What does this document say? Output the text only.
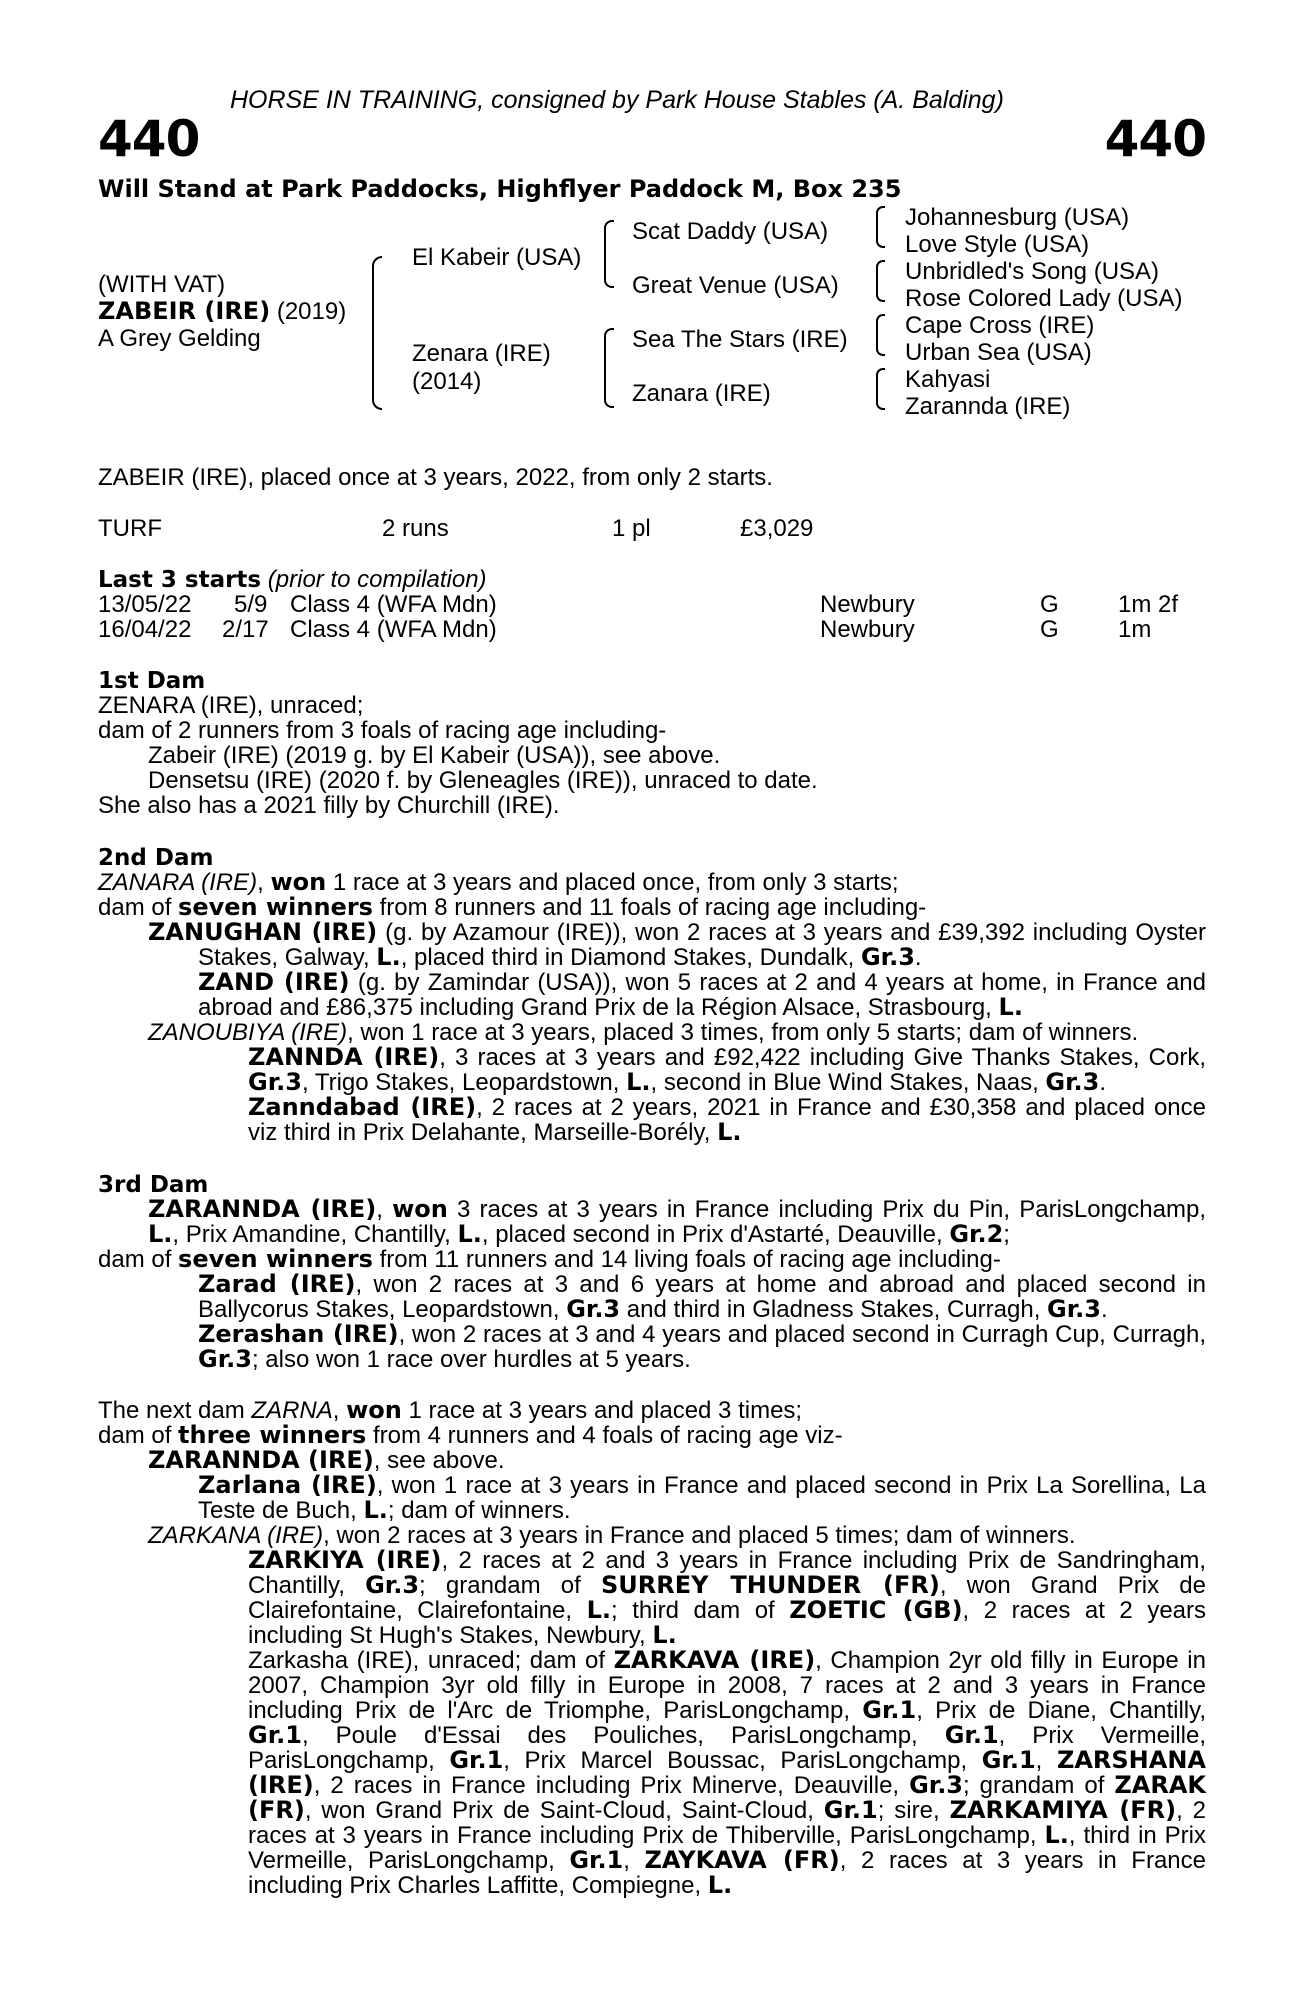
HORSE IN TRAINING, consigned by Park House Stables (A. Balding)
440	440
Will Stand at Park Paddocks, Highflyer Paddock M, Box 235
(WITH VAT)
ZABEIR (IRE) (2019)
A Grey Gelding
El Kabeir (USA)
Zenara (IRE)
(2014)
Scat Daddy (USA)
Great Venue (USA)
Sea The Stars (IRE)
Zanara (IRE)
Johannesburg (USA)
Love Style (USA)
Unbridled's Song (USA)
Rose Colored Lady (USA)
Cape Cross (IRE)
Urban Sea (USA)
Kahyasi
Zarannda (IRE)
ZABEIR (IRE), placed once at 3 years, 2022, from only 2 starts.
TURF	2 runs	1 pl	£3,029
Last 3 starts (prior to compilation)
13/05/22 5/9 Class 4 (WFA Mdn)	Newbury	G 1m 2f
16/04/22 2/17 Class 4 (WFA Mdn)	Newbury	G 1m
1st Dam
ZENARA (IRE), unraced;
dam of 2 runners from 3 foals of racing age including-
Zabeir (IRE) (2019 g. by El Kabeir (USA)), see above.
Densetsu (IRE) (2020 f. by Gleneagles (IRE)), unraced to date.
She also has a 2021 filly by Churchill (IRE).
2nd Dam
ZANARA (IRE), won 1 race at 3 years and placed once, from only 3 starts;
dam of seven winners from 8 runners and 11 foals of racing age including-
ZANUGHAN (IRE) (g. by Azamour (IRE)), won 2 races at 3 years and £39,392 including Oyster Stakes, Galway, L., placed third in Diamond Stakes, Dundalk, Gr.3.
ZAND (IRE) (g. by Zamindar (USA)), won 5 races at 2 and 4 years at home, in France and abroad and £86,375 including Grand Prix de la Région Alsace, Strasbourg, L.
ZANOUBIYA (IRE), won 1 race at 3 years, placed 3 times, from only 5 starts; dam of winners.
ZANNDA (IRE), 3 races at 3 years and £92,422 including Give Thanks Stakes, Cork, Gr.3, Trigo Stakes, Leopardstown, L., second in Blue Wind Stakes, Naas, Gr.3.
Zanndabad (IRE), 2 races at 2 years, 2021 in France and £30,358 and placed once viz third in Prix Delahante, Marseille-Borély, L.
3rd Dam
ZARANNDA (IRE), won 3 races at 3 years in France including Prix du Pin, ParisLongchamp, L., Prix Amandine, Chantilly, L., placed second in Prix d'Astarté, Deauville, Gr.2;
dam of seven winners from 11 runners and 14 living foals of racing age including-
Zarad (IRE), won 2 races at 3 and 6 years at home and abroad and placed second in Ballycorus Stakes, Leopardstown, Gr.3 and third in Gladness Stakes, Curragh, Gr.3.
Zerashan (IRE), won 2 races at 3 and 4 years and placed second in Curragh Cup, Curragh, Gr.3; also won 1 race over hurdles at 5 years.
The next dam ZARNA, won 1 race at 3 years and placed 3 times;
dam of three winners from 4 runners and 4 foals of racing age viz-
ZARANNDA (IRE), see above.
Zarlana (IRE), won 1 race at 3 years in France and placed second in Prix La Sorellina, La Teste de Buch, L.; dam of winners.
ZARKANA (IRE), won 2 races at 3 years in France and placed 5 times; dam of winners.
ZARKIYA (IRE), 2 races at 2 and 3 years in France including Prix de Sandringham, Chantilly, Gr.3; grandam of SURREY THUNDER (FR), won Grand Prix de Clairefontaine, Clairefontaine, L.; third dam of ZOETIC (GB), 2 races at 2 years including St Hugh's Stakes, Newbury, L.
Zarkasha (IRE), unraced; dam of ZARKAVA (IRE), Champion 2yr old filly in Europe in 2007, Champion 3yr old filly in Europe in 2008, 7 races at 2 and 3 years in France including Prix de l'Arc de Triomphe, ParisLongchamp, Gr.1, Prix de Diane, Chantilly, Gr.1, Poule d'Essai des Pouliches, ParisLongchamp, Gr.1, Prix Vermeille, ParisLongchamp, Gr.1, Prix Marcel Boussac, ParisLongchamp, Gr.1, ZARSHANA (IRE), 2 races in France including Prix Minerve, Deauville, Gr.3; grandam of ZARAK (FR), won Grand Prix de Saint-Cloud, Saint-Cloud, Gr.1; sire, ZARKAMIYA (FR), 2 races at 3 years in France including Prix de Thiberville, ParisLongchamp, L., third in Prix Vermeille, ParisLongchamp, Gr.1, ZAYKAVA (FR), 2 races at 3 years in France including Prix Charles Laffitte, Compiegne, L.
